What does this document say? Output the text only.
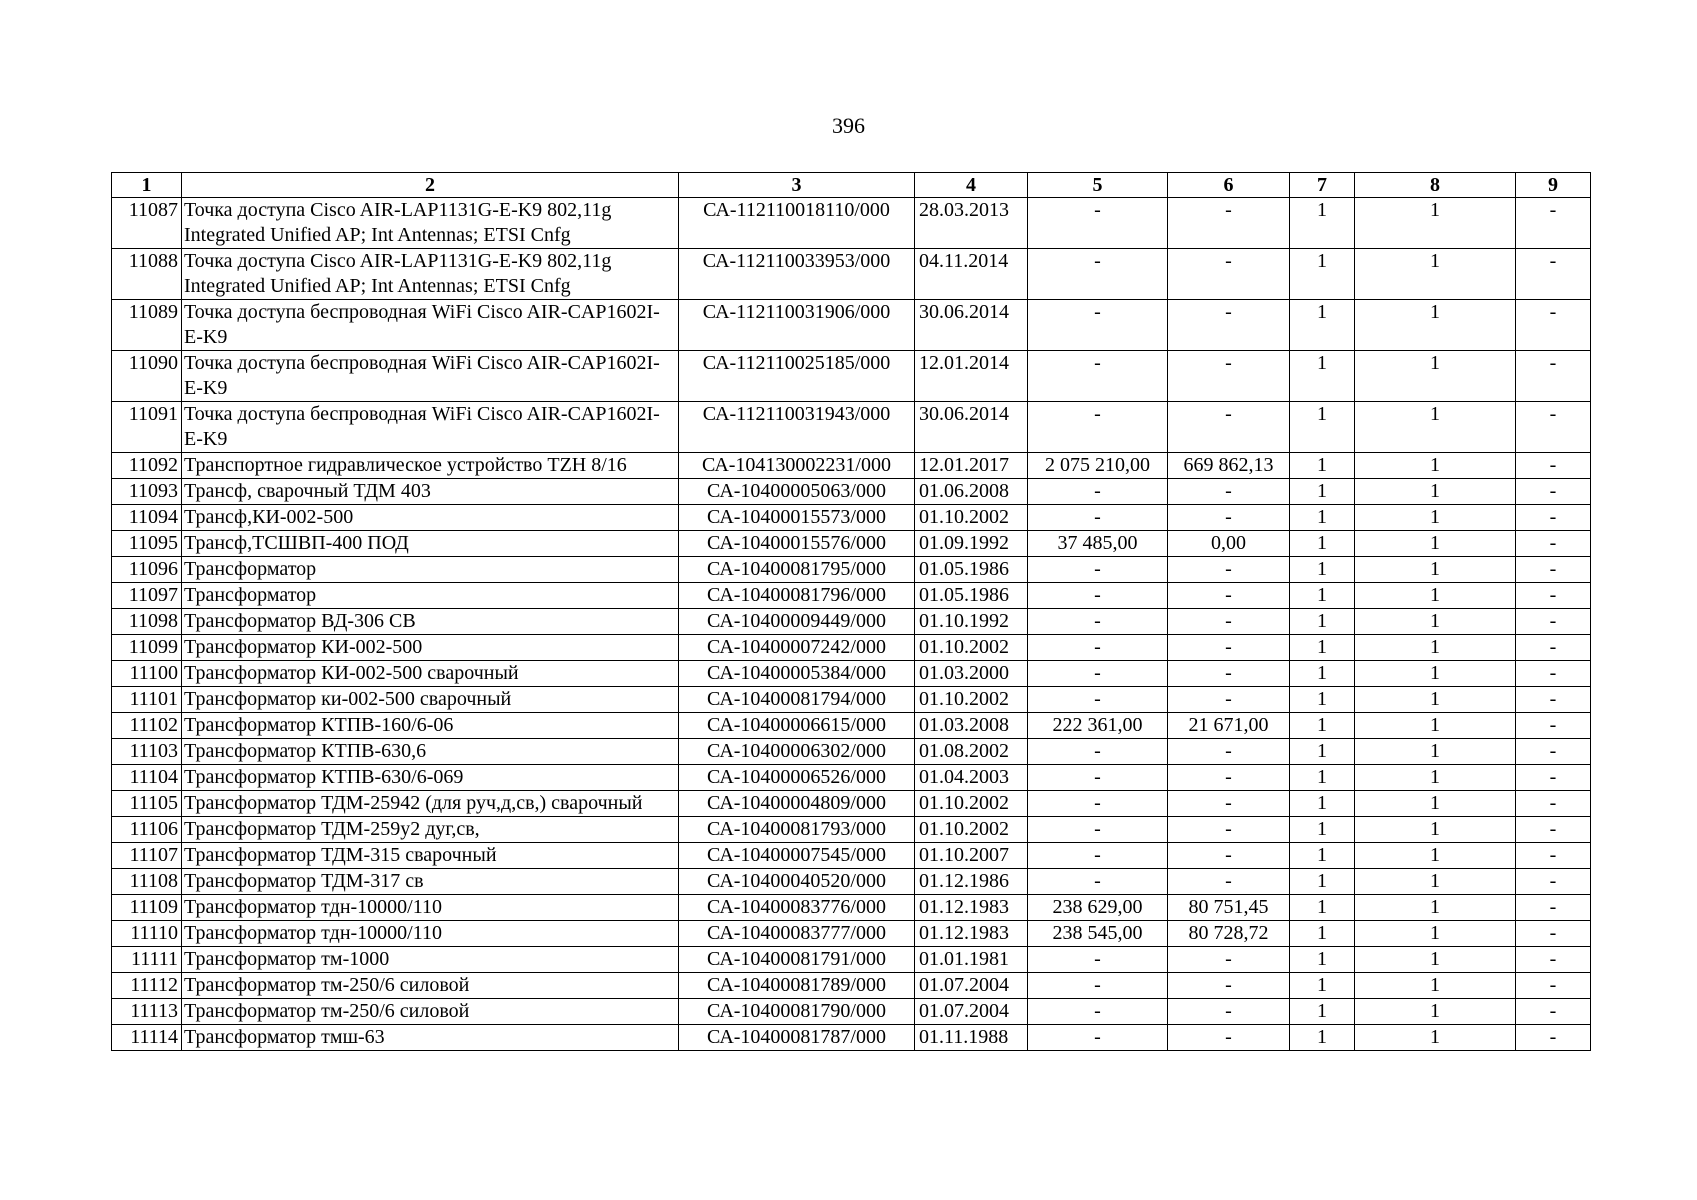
396
1	2	3	4	5	6	7	8	9
11087	Точка доступа Cisco AIR-LAP1131G-E-K9 802,11g Integrated Unified AP; Int Antennas; ETSI Cnfg	СА-112110018110/000	28.03.2013	-	-	1	1	-
11088	Точка доступа Cisco AIR-LAP1131G-E-K9 802,11g Integrated Unified AP; Int Antennas; ETSI Cnfg	СА-112110033953/000	04.11.2014	-	-	1	1	-
11089	Точка доступа беспроводная WiFi Cisco AIR-CAP1602I-E-K9	СА-112110031906/000	30.06.2014	-	-	1	1	-
11090	Точка доступа беспроводная WiFi Cisco AIR-CAP1602I-E-K9	СА-112110025185/000	12.01.2014	-	-	1	1	-
11091	Точка доступа беспроводная WiFi Cisco AIR-CAP1602I-E-K9	СА-112110031943/000	30.06.2014	-	-	1	1	-
11092	Транспортное гидравлическое устройство TZH 8/16	СА-104130002231/000	12.01.2017	2 075 210,00	669 862,13	1	1	-
11093	Трансф, сварочный ТДМ 403	СА-10400005063/000	01.06.2008	-	-	1	1	-
11094	Трансф,КИ-002-500	СА-10400015573/000	01.10.2002	-	-	1	1	-
11095	Трансф,ТСШВП-400 ПОД	СА-10400015576/000	01.09.1992	37 485,00	0,00	1	1	-
11096	Трансформатор	СА-10400081795/000	01.05.1986	-	-	1	1	-
11097	Трансформатор	СА-10400081796/000	01.05.1986	-	-	1	1	-
11098	Трансформатор ВД-306 СВ	СА-10400009449/000	01.10.1992	-	-	1	1	-
11099	Трансформатор КИ-002-500	СА-10400007242/000	01.10.2002	-	-	1	1	-
11100	Трансформатор КИ-002-500 сварочный	СА-10400005384/000	01.03.2000	-	-	1	1	-
11101	Трансформатор ки-002-500 сварочный	СА-10400081794/000	01.10.2002	-	-	1	1	-
11102	Трансформатор КТПВ-160/6-06	СА-10400006615/000	01.03.2008	222 361,00	21 671,00	1	1	-
11103	Трансформатор КТПВ-630,6	СА-10400006302/000	01.08.2002	-	-	1	1	-
11104	Трансформатор КТПВ-630/6-069	СА-10400006526/000	01.04.2003	-	-	1	1	-
11105	Трансформатор ТДМ-25942 (для руч,д,св,) сварочный	СА-10400004809/000	01.10.2002	-	-	1	1	-
11106	Трансформатор ТДМ-259у2 дуг,св,	СА-10400081793/000	01.10.2002	-	-	1	1	-
11107	Трансформатор ТДМ-315 сварочный	СА-10400007545/000	01.10.2007	-	-	1	1	-
11108	Трансформатор ТДМ-317 св	СА-10400040520/000	01.12.1986	-	-	1	1	-
11109	Трансформатор тдн-10000/110	СА-10400083776/000	01.12.1983	238 629,00	80 751,45	1	1	-
11110	Трансформатор тдн-10000/110	СА-10400083777/000	01.12.1983	238 545,00	80 728,72	1	1	-
11111	Трансформатор тм-1000	СА-10400081791/000	01.01.1981	-	-	1	1	-
11112	Трансформатор тм-250/6 силовой	СА-10400081789/000	01.07.2004	-	-	1	1	-
11113	Трансформатор тм-250/6 силовой	СА-10400081790/000	01.07.2004	-	-	1	1	-
11114	Трансформатор тмш-63	СА-10400081787/000	01.11.1988	-	-	1	1	-
